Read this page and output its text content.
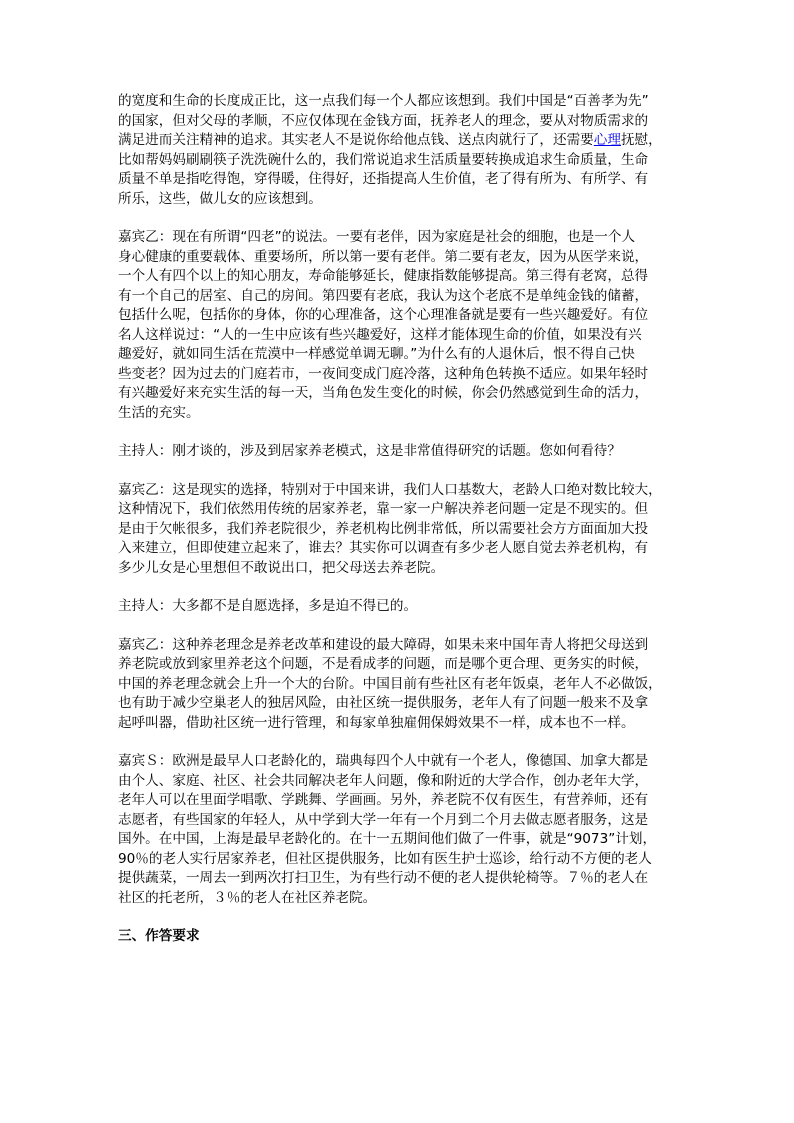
的宽度和生命的长度成正比，这一点我们每一个人都应该想到。我们中国是“百善孝为先”
的国家，但对父母的孝顺，不应仅体现在金钱方面，抚养老人的理念，要从对物质需求的
满足进而关注精神的追求。其实老人不是说你给他点钱、送点肉就行了，还需要心理抚慰，
比如帮妈妈刷刷筷子洗洗碗什么的，我们常说追求生活质量要转换成追求生命质量，生命
质量不单是指吃得饱，穿得暖，住得好，还指提高人生价值，老了得有所为、有所学、有
所乐，这些，做儿女的应该想到。

嘉宾乙：现在有所谓“四老”的说法。一要有老伴，因为家庭是社会的细胞，也是一个人
身心健康的重要载体、重要场所，所以第一要有老伴。第二要有老友，因为从医学来说，
一个人有四个以上的知心朋友，寿命能够延长，健康指数能够提高。第三得有老窝，总得
有一个自己的居室、自己的房间。第四要有老底，我认为这个老底不是单纯金钱的储蓄，
包括什么呢，包括你的身体，你的心理准备，这个心理准备就是要有一些兴趣爱好。有位
名人这样说过：“人的一生中应该有些兴趣爱好，这样才能体现生命的价值，如果没有兴
趣爱好，就如同生活在荒漠中一样感觉单调无聊。”为什么有的人退休后，恨不得自己快
些变老？因为过去的门庭若市，一夜间变成门庭冷落，这种角色转换不适应。如果年轻时
有兴趣爱好来充实生活的每一天，当角色发生变化的时候，你会仍然感觉到生命的活力，
生活的充实。

主持人：刚才谈的，涉及到居家养老模式，这是非常值得研究的话题。您如何看待？

嘉宾乙：这是现实的选择，特别对于中国来讲，我们人口基数大，老龄人口绝对数比较大，
这种情况下，我们依然用传统的居家养老，靠一家一户解决养老问题一定是不现实的。但
是由于欠帐很多，我们养老院很少，养老机构比例非常低，所以需要社会方方面面加大投
入来建立，但即使建立起来了，谁去？其实你可以调查有多少老人愿自觉去养老机构，有
多少儿女是心里想但不敢说出口，把父母送去养老院。

主持人：大多都不是自愿选择，多是迫不得已的。

嘉宾乙：这种养老理念是养老改革和建设的最大障碍，如果未来中国年青人将把父母送到
养老院或放到家里养老这个问题，不是看成孝的问题，而是哪个更合理、更务实的时候，
中国的养老理念就会上升一个大的台阶。中国目前有些社区有老年饭桌，老年人不必做饭，
也有助于减少空巢老人的独居风险，由社区统一提供服务，老年人有了问题一般来不及拿
起呼叫器，借助社区统一进行管理，和每家单独雇佣保姆效果不一样，成本也不一样。

嘉宾Ｓ：欧洲是最早人口老龄化的，瑞典每四个人中就有一个老人，像德国、加拿大都是
由个人、家庭、社区、社会共同解决老年人问题，像和附近的大学合作，创办老年大学，
老年人可以在里面学唱歌、学跳舞、学画画。另外，养老院不仅有医生，有营养师，还有
志愿者，有些国家的年轻人，从中学到大学一年有一个月到二个月去做志愿者服务，这是
国外。在中国，上海是最早老龄化的。在十一五期间他们做了一件事，就是“9073”计划，
90％的老人实行居家养老，但社区提供服务，比如有医生护士巡诊，给行动不方便的老人
提供蔬菜，一周去一到两次打扫卫生，为有些行动不便的老人提供轮椅等。７％的老人在
社区的托老所，３％的老人在社区养老院。

三、作答要求
